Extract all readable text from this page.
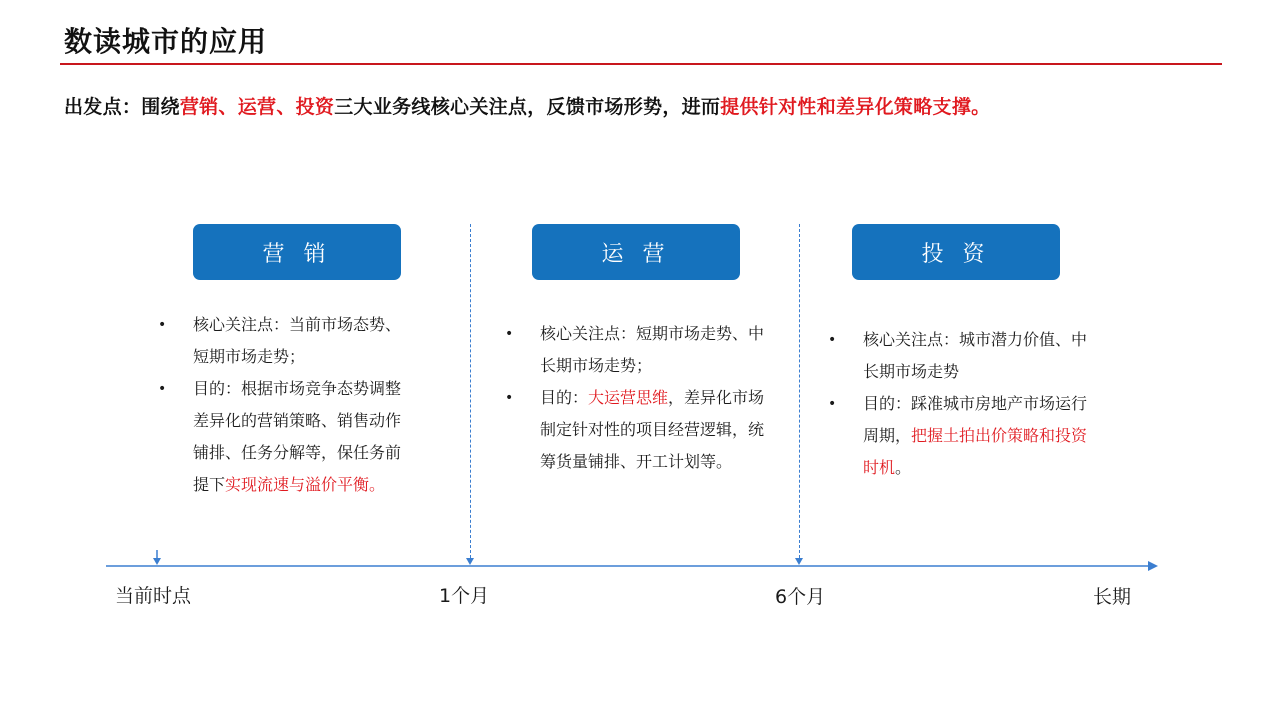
数读城市的应用
出发点：围绕营销、运营、投资三大业务线核心关注点，反馈市场形势，进而提供针对性和差异化策略支撑。
营 销	运 营	投 资
•	核心关注点：当前市场态势、短期市场走势；
•	目的：根据市场竞争态势调整差异化的营销策略、销售动作铺排、任务分解等，保任务前提下实现流速与溢价平衡。
•	核心关注点：短期市场走势、中长期市场走势；
•	目的：大运营思维，差异化市场制定针对性的项目经营逻辑，统筹货量铺排、开工计划等。
•	核心关注点：城市潜力价值、中长期市场走势
•	目的：踩准城市房地产市场运行周期，把握土拍出价策略和投资时机。
当前时点	1个月	6个月	长期
